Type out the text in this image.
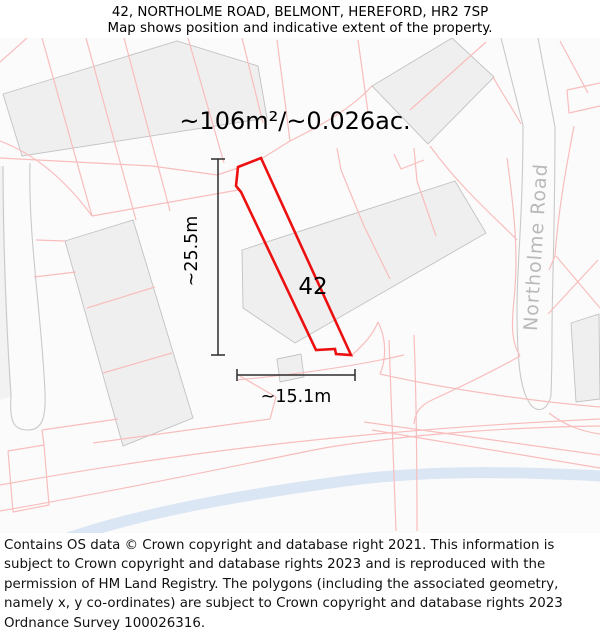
42, NORTHOLME ROAD, BELMONT, HEREFORD, HR2 7SP
Map shows position and indicative extent of the property.
~106m²/~0.026ac.
42
~15.1m
~25.5m	Northolme Road
Contains OS data © Crown copyright and database right 2021. This information is subject to Crown copyright and database rights 2023 and is reproduced with the permission of HM Land Registry. The polygons (including the associated geometry, namely x, y co-ordinates) are subject to Crown copyright and database rights 2023 Ordnance Survey 100026316.
